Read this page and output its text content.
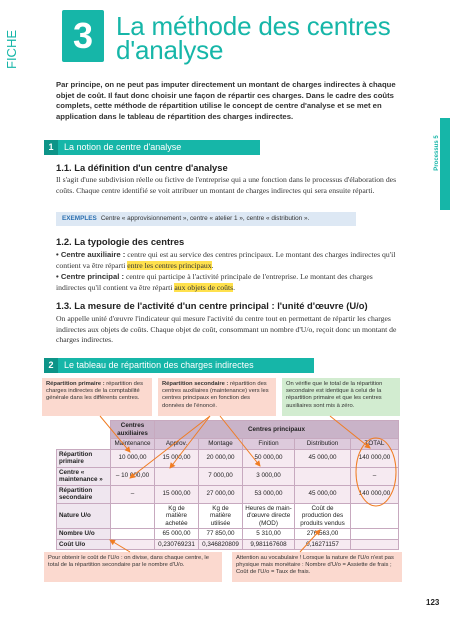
FICHE	3 La méthode des centres d'analyse
Par principe, on ne peut pas imputer directement un montant de charges indirectes à chaque objet de coût. Il faut donc choisir une façon de répartir ces charges. Dans le cadre des coûts complets, cette méthode de répartition utilise le concept de centre d'analyse et se met en application dans le tableau de répartition des charges indirectes.
Processus 5
1 La notion de centre d'analyse
1.1. La définition d'un centre d'analyse
Il s'agit d'une subdivision réelle ou fictive de l'entreprise qui a une fonction dans le processus d'élaboration des coûts. Chaque centre identifié se voit attribuer un montant de charges indirectes qui sera ensuite réparti.
EXEMPLES Centre « approvisionnement », centre « atelier 1 », centre « distribution ».
1.2. La typologie des centres
• Centre auxiliaire : centre qui est au service des centres principaux. Le montant des charges indirectes qu'il contient va être réparti entre les centres principaux.
• Centre principal : centre qui participe à l'activité principale de l'entreprise. Le montant des charges indirectes qu'il contient va être réparti aux objets de coûts.
1.3. La mesure de l'activité d'un centre principal : l'unité d'œuvre (U/o)
On appelle unité d'œuvre l'indicateur qui mesure l'activité du centre tout en permettant de répartir les charges indirectes aux objets de coûts. Chaque objet de coût, consommant un nombre d'U/o, reçoit donc un montant de charges indirectes.
2 Le tableau de répartition des charges indirectes
Répartition primaire : répartition des charges indirectes de la comptabilité générale dans les différents centres.
Répartition secondaire : répartition des centres auxiliaires (maintenance) vers les centres principaux en fonction des données de l'énoncé.
On vérifie que le total de la répartition secondaire est identique à celui de la répartition primaire et que les centres auxiliaires sont mis à zéro.
	Centres auxiliaires	Centres principaux				
	Maintenance	Approv.	Montage	Finition	Distribution	TOTAL
Répartition primaire	10 000,00	15 000,00	20 000,00	50 000,00	45 000,00	140 000,00
Centre « maintenance »	– 10 000,00		7 000,00	3 000,00		–
Répartition secondaire	–	15 000,00	27 000,00	53 000,00	45 000,00	140 000,00
Nature U/o		Kg de matière achetée	Kg de matière utilisée	Heures de main-d'œuvre directe (MOD)	Coût de production des produits vendus	
Nombre U/o		65 000,00	77 850,00	5 310,00	276 563,00	
Coût U/o		0,230769231	0,346820809	9,981167608	0,16271157	
Pour obtenir le coût de l'U/o : on divise, dans chaque centre, le total de la répartition secondaire par le nombre d'U/o.
Attention au vocabulaire ! Lorsque la nature de l'U/o n'est pas physique mais monétaire : Nombre d'U/o = Assiette de frais ; Coût de l'U/o = Taux de frais.
123
